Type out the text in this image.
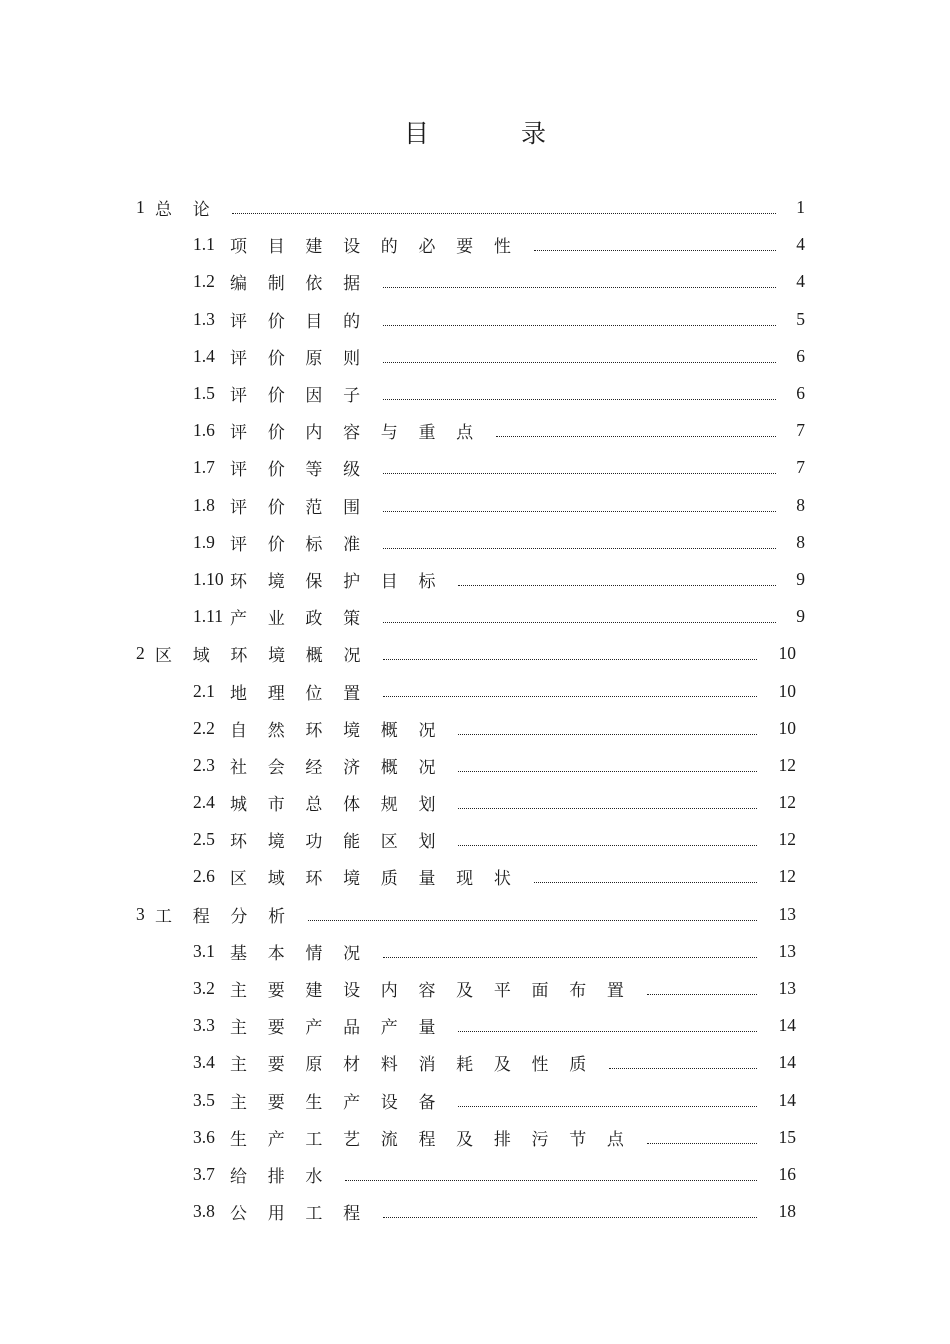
目 录
1 总	论	1
1.1 项	目	建	设	的	必	要	性	4
1.2 编	制	依	据	4
1.3 评	价	目	的	5
1.4 评	价	原	则	6
1.5 评	价	因	子	6
1.6 评	价	内	容	与	重	点	7
1.7 评	价	等	级	7
1.8 评	价	范	围	8
1.9 评	价	标	准	8
1.10 环	境	保	护	目	标	9
1.11 产	业	政	策	9
2 区	域	环	境	概	况	10
2.1 地	理	位	置	10
2.2 自	然	环	境	概	况	10
2.3 社	会	经	济	概	况	12
2.4 城	市	总	体	规	划	12
2.5 环	境	功	能	区	划	12
2.6 区	域	环	境	质	量	现	状	12
3 工	程	分	析	13
3.1 基	本	情	况	13
3.2 主	要	建	设	内	容	及	平	面	布	置	13
3.3 主	要	产	品	产	量	14
3.4 主	要	原	材	料	消	耗	及	性	质	14
3.5 主	要	生	产	设	备	14
3.6 生	产	工	艺	流	程	及	排	污	节	点	15
3.7 给	排	水	16
3.8 公	用	工	程	18
